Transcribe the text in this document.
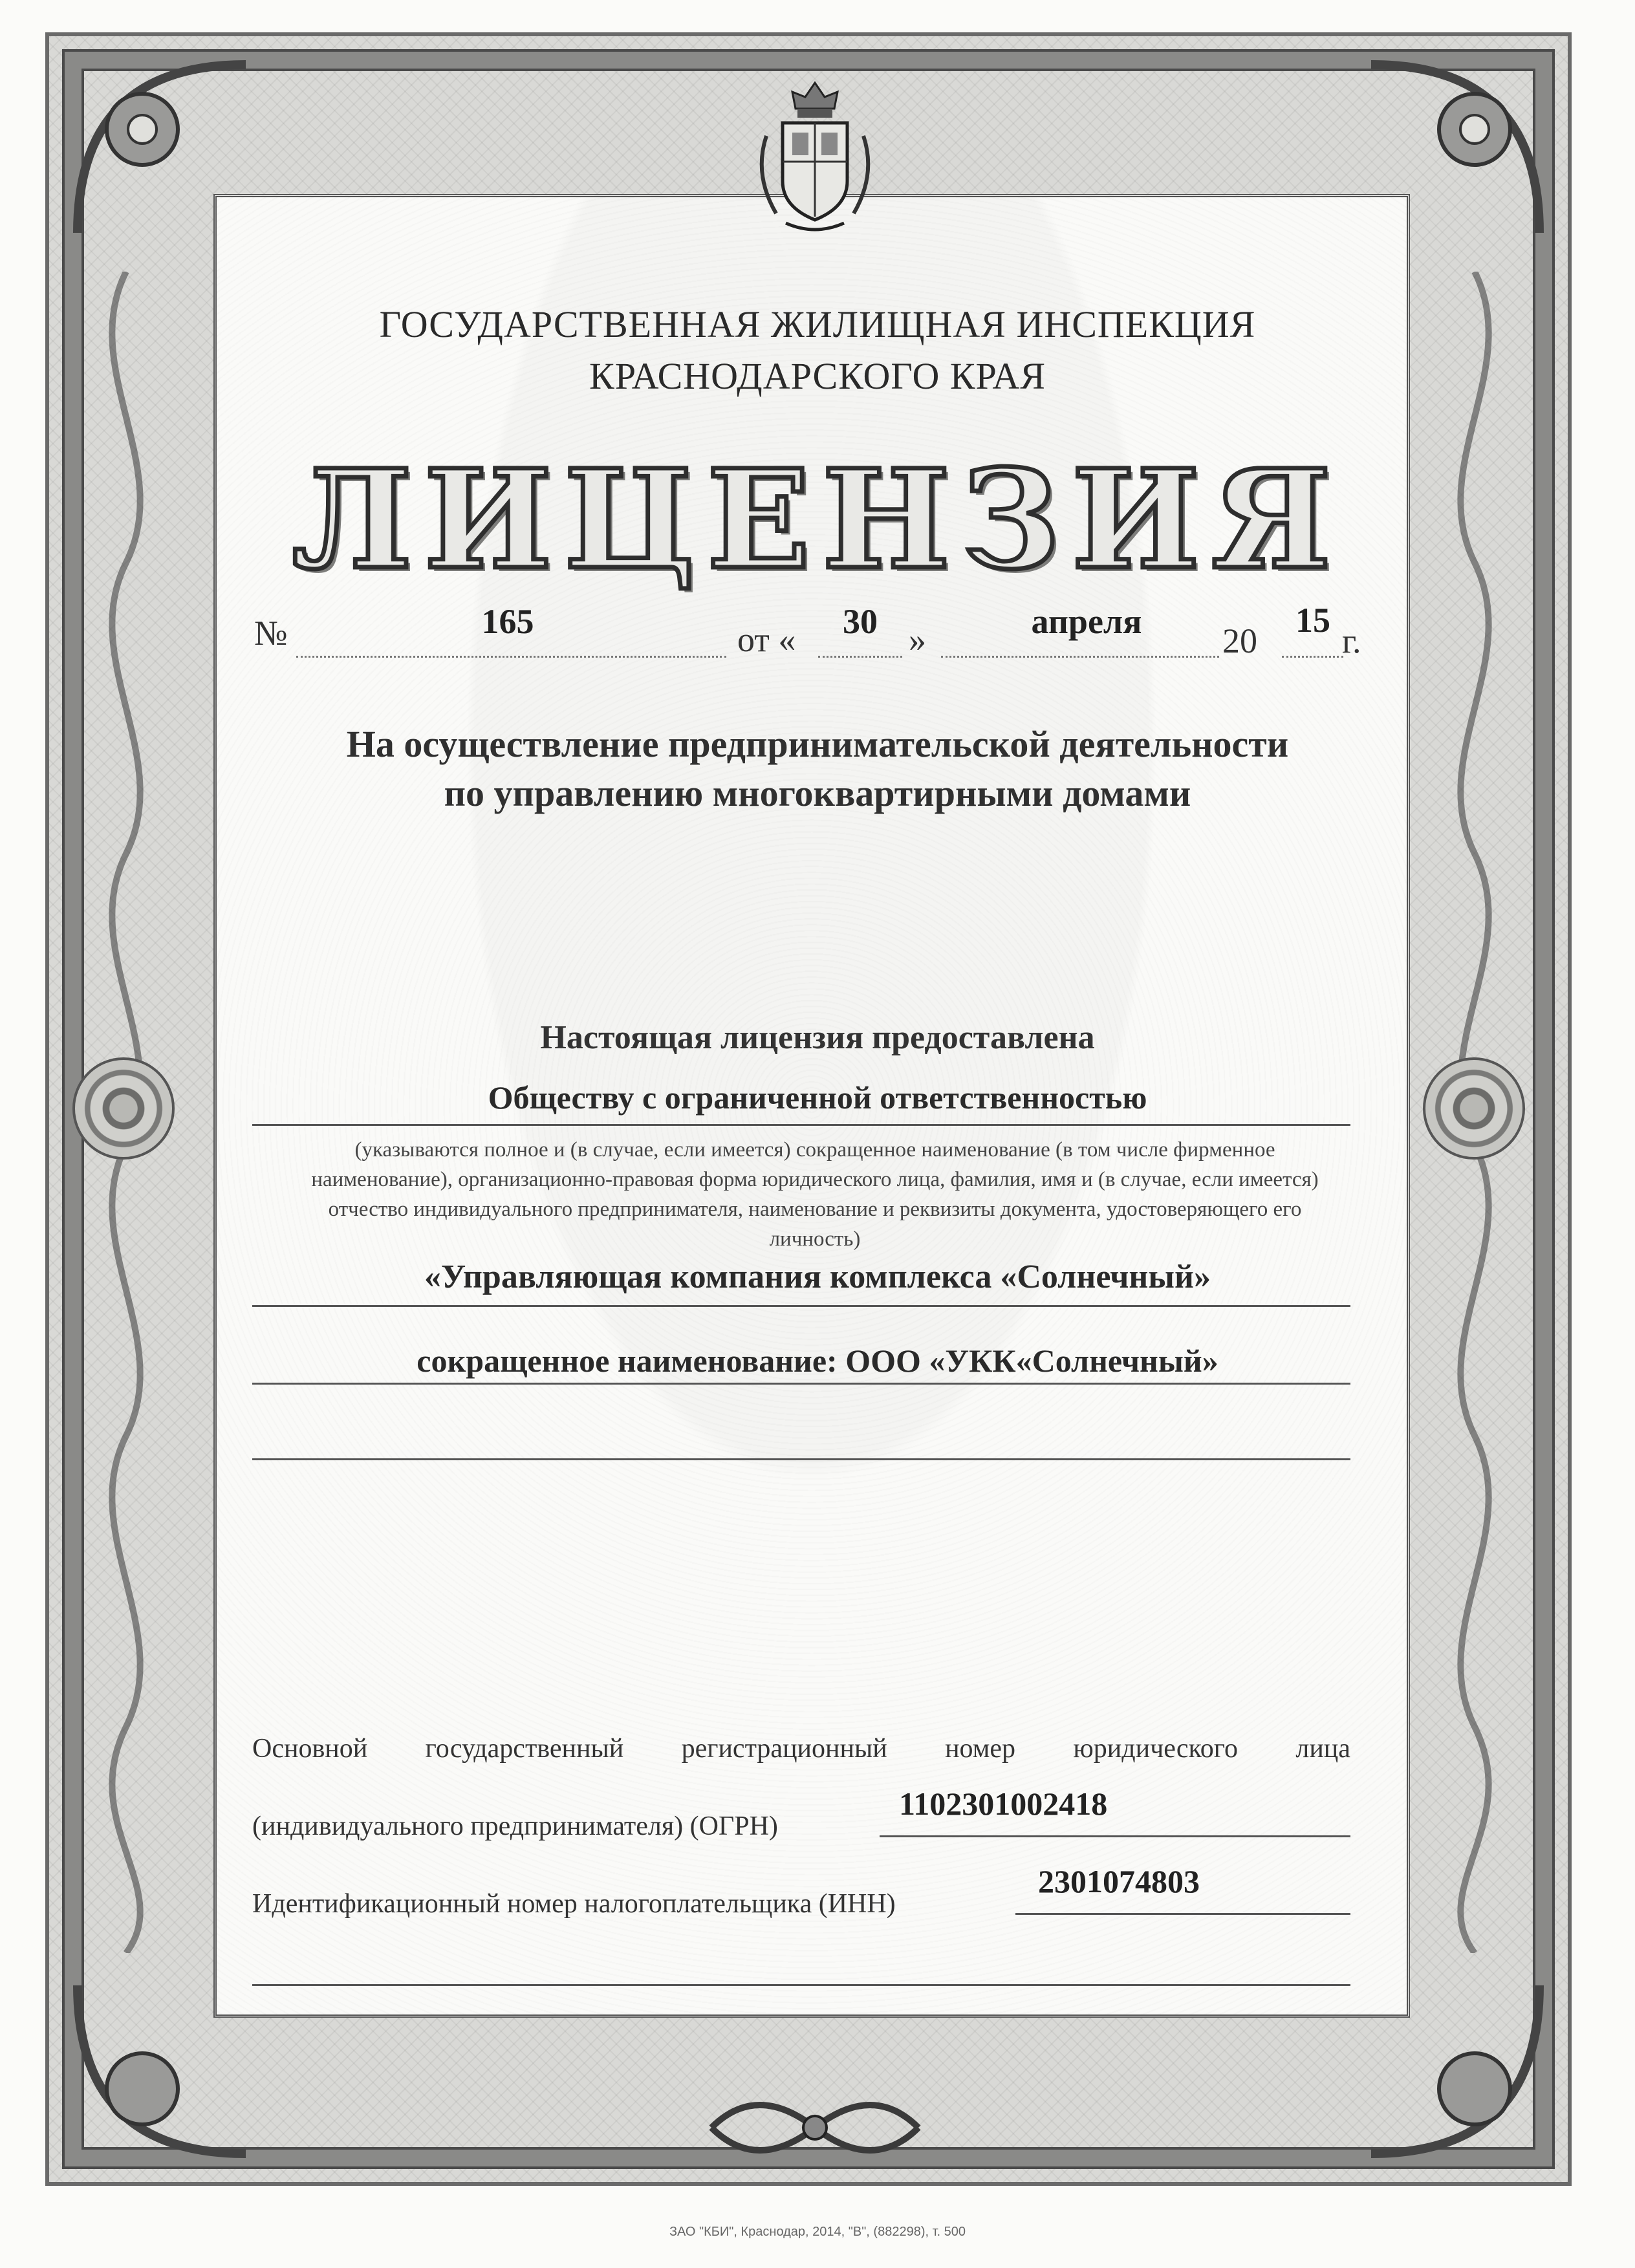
ГОСУДАРСТВЕННАЯ ЖИЛИЩНАЯ ИНСПЕКЦИЯ

КРАСНОДАРСКОГО КРАЯ

ЛИЦЕНЗИЯ

№	165	от «	30 »	апреля	20
15
г.

На осуществление предпринимательской деятельности

по управлению многоквартирными домами

Настоящая лицензия предоставлена

Обществу с ограниченной ответственностью

(указываются полное и (в случае, если имеется) сокращенное наименование (в том числе фирменное наименование), организационно-правовая форма юридического лица, фамилия, имя и (в случае, если имеется) отчество индивидуального предпринимателя, наименование и реквизиты документа, удостоверяющего его личность)

«Управляющая компания комплекса «Солнечный»

сокращенное наименование: ООО «УКК«Солнечный»

Основной государственный регистрационный номер юридического лица

(индивидуального предпринимателя) (ОГРН)

1102301002418

Идентификационный номер налогоплательщика (ИНН)

2301074803

ЗАО "КБИ", Краснодар, 2014, "В", (882298), т. 500
